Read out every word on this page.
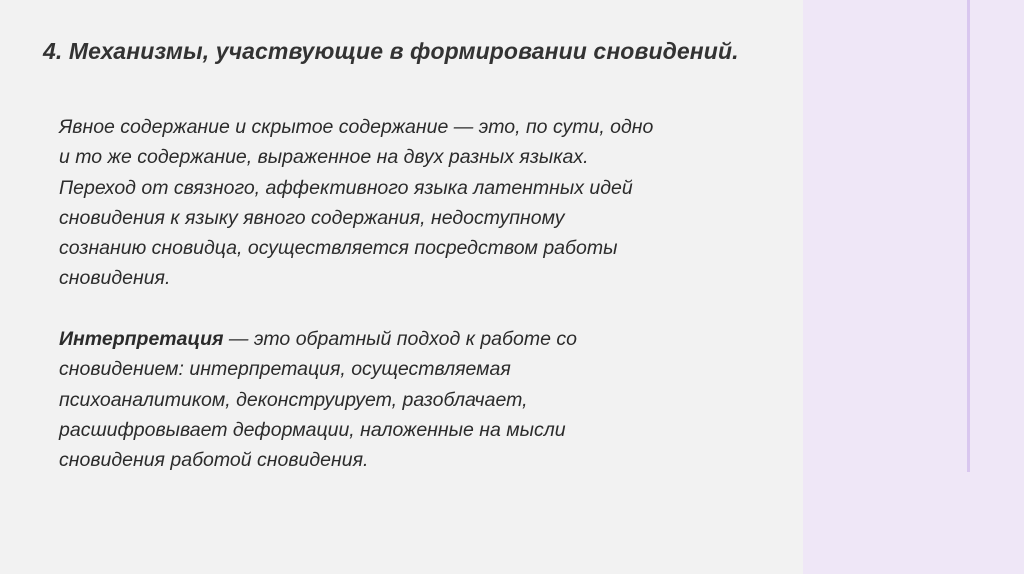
4. Механизмы, участвующие в формировании сновидений.

Явное содержание и скрытое содержание — это, по сути, одно
и то же содержание, выраженное на двух разных языках.
Переход от связного, аффективного языка латентных идей
сновидения к языку явного содержания, недоступному
сознанию сновидца, осуществляется посредством работы
сновидения.

Интерпретация — это обратный подход к работе со
сновидением: интерпретация, осуществляемая
психоаналитиком, деконструирует, разоблачает,
расшифровывает деформации, наложенные на мысли
сновидения работой сновидения.
